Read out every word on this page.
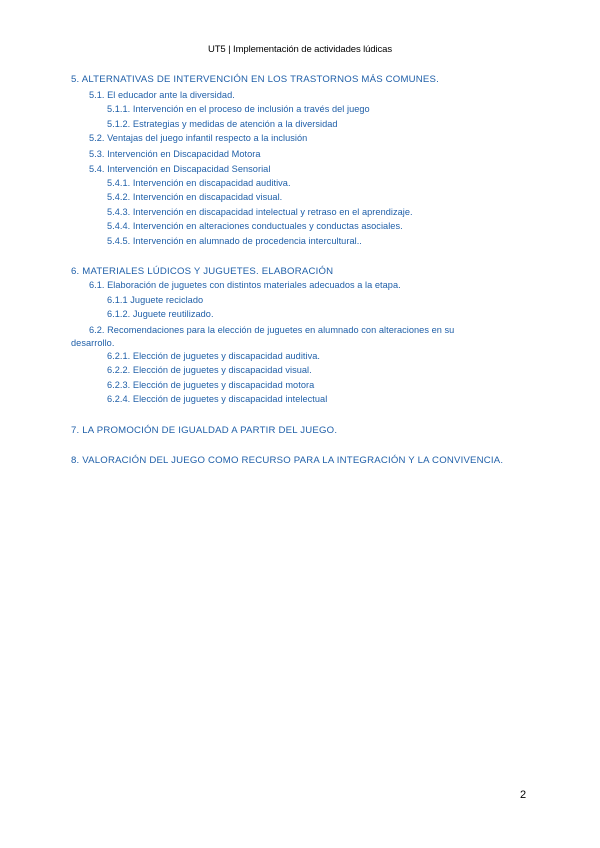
UT5 | Implementación de actividades lúdicas
5. ALTERNATIVAS DE INTERVENCIÓN EN LOS TRASTORNOS MÁS COMUNES.
5.1. El educador ante la diversidad.
5.1.1. Intervención en el proceso de inclusión a través del juego
5.1.2. Estrategias y medidas de atención a la diversidad
5.2. Ventajas del juego infantil respecto a la inclusión
5.3. Intervención en Discapacidad Motora
5.4. Intervención en Discapacidad Sensorial
5.4.1. Intervención en discapacidad auditiva.
5.4.2. Intervención en discapacidad visual.
5.4.3. Intervención en discapacidad intelectual y retraso en el aprendizaje.
5.4.4. Intervención en alteraciones conductuales y conductas asociales.
5.4.5. Intervención en alumnado de procedencia intercultural..
6. MATERIALES LÚDICOS Y JUGUETES. ELABORACIÓN
6.1. Elaboración de juguetes con distintos materiales adecuados a la etapa.
6.1.1 Juguete reciclado
6.1.2. Juguete reutilizado.
6.2. Recomendaciones para la elección de juguetes en alumnado con alteraciones en su desarrollo.
6.2.1. Elección de juguetes y discapacidad auditiva.
6.2.2. Elección de juguetes y discapacidad visual.
6.2.3. Elección de juguetes y discapacidad motora
6.2.4. Elección de juguetes y discapacidad intelectual
7. LA PROMOCIÓN DE IGUALDAD A PARTIR DEL JUEGO.
8. VALORACIÓN DEL JUEGO COMO RECURSO PARA LA INTEGRACIÓN Y LA CONVIVENCIA.
2
